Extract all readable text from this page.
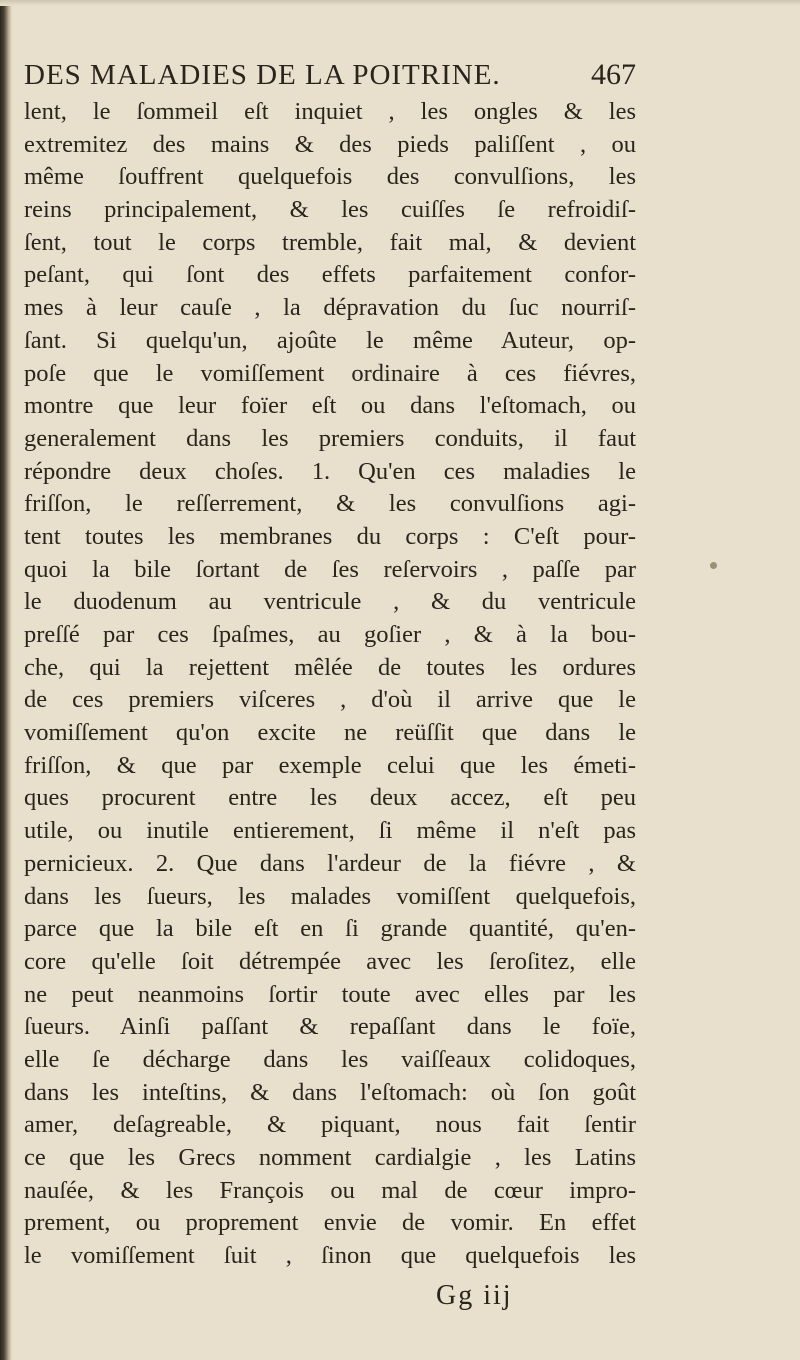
DES MALADIES DE LA POITRINE.	467
lent, le ſommeil eſt inquiet , les ongles & les
extremitez des mains & des pieds paliſſent , ou
même ſouffrent quelquefois des convulſions, les
reins principalement, & les cuiſſes ſe refroidiſ-
ſent, tout le corps tremble, fait mal, & devient
peſant, qui ſont des effets parfaitement confor-
mes à leur cauſe , la dépravation du ſuc nourriſ-
ſant. Si quelqu'un, ajoûte le même Auteur, op-
poſe que le vomiſſement ordinaire à ces fiévres,
montre que leur foïer eſt ou dans l'eſtomach, ou
generalement dans les premiers conduits, il faut
répondre deux choſes. 1. Qu'en ces maladies le
friſſon, le reſſerrement, & les convulſions agi-
tent toutes les membranes du corps : C'eſt pour-
quoi la bile ſortant de ſes reſervoirs , paſſe par
le duodenum au ventricule , & du ventricule
preſſé par ces ſpaſmes, au goſier , & à la bou-
che, qui la rejettent mêlée de toutes les ordures
de ces premiers viſceres , d'où il arrive que le
vomiſſement qu'on excite ne reüſſit que dans le
friſſon, & que par exemple celui que les émeti-
ques procurent entre les deux accez, eſt peu
utile, ou inutile entierement, ſi même il n'eſt pas
pernicieux. 2. Que dans l'ardeur de la fiévre , &
dans les ſueurs, les malades vomiſſent quelquefois,
parce que la bile eſt en ſi grande quantité, qu'en-
core qu'elle ſoit détrempée avec les ſeroſitez, elle
ne peut neanmoins ſortir toute avec elles par les
ſueurs. Ainſi paſſant & repaſſant dans le foïe,
elle ſe décharge dans les vaiſſeaux colidoques,
dans les inteſtins, & dans l'eſtomach: où ſon goût
amer, deſagreable, & piquant, nous fait ſentir
ce que les Grecs nomment cardialgie , les Latins
nauſée, & les François ou mal de cœur impro-
prement, ou proprement envie de vomir. En effet
le vomiſſement ſuit , ſinon que quelquefois les
Gg iij
